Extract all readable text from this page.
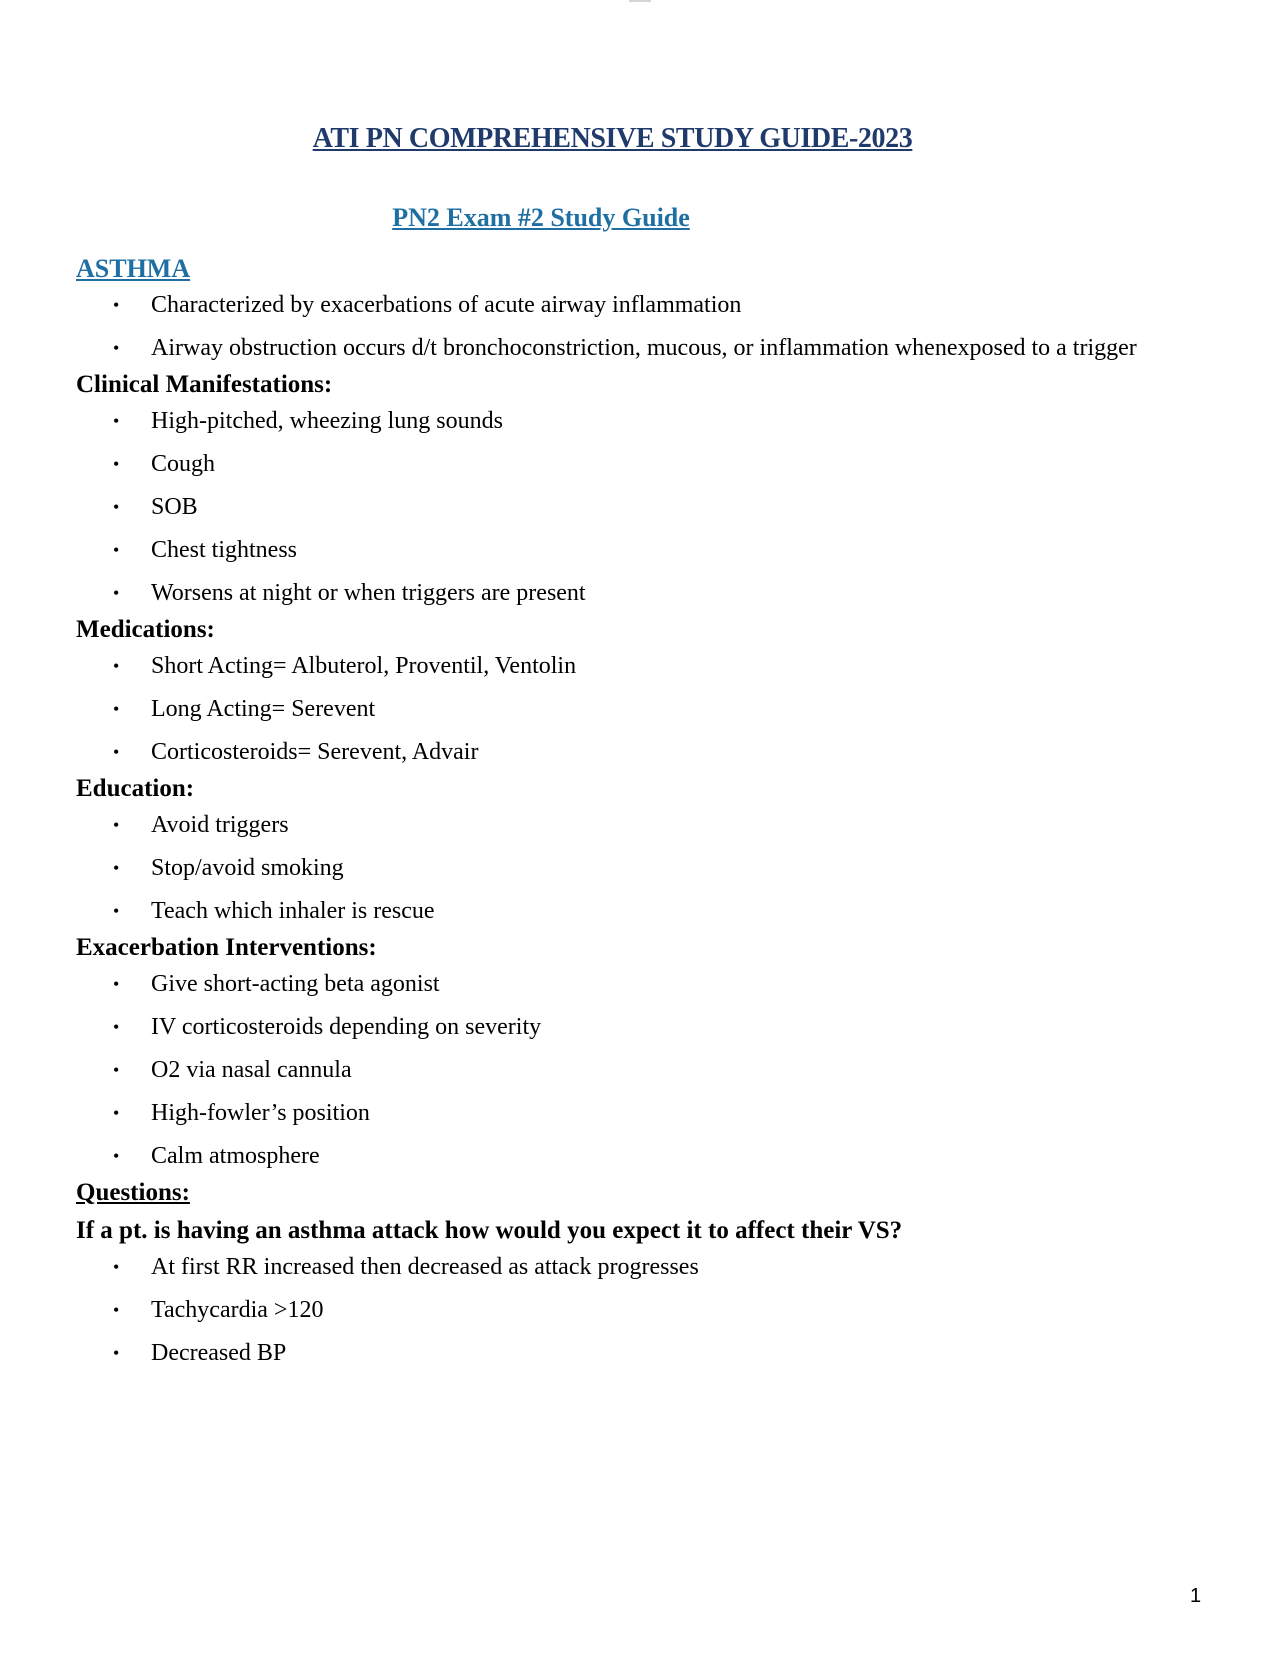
ATI PN COMPREHENSIVE STUDY GUIDE-2023
PN2 Exam #2 Study Guide
ASTHMA
• Characterized by exacerbations of acute airway inflammation
• Airway obstruction occurs d/t bronchoconstriction, mucous, or inflammation whenexposed to a trigger
Clinical Manifestations:
• High-pitched, wheezing lung sounds
• Cough
• SOB
• Chest tightness
• Worsens at night or when triggers are present
Medications:
• Short Acting= Albuterol, Proventil, Ventolin
• Long Acting= Serevent
• Corticosteroids= Serevent, Advair
Education:
• Avoid triggers
• Stop/avoid smoking
• Teach which inhaler is rescue
Exacerbation Interventions:
• Give short-acting beta agonist
• IV corticosteroids depending on severity
• O2 via nasal cannula
• High-fowler’s position
• Calm atmosphere
Questions:
If a pt. is having an asthma attack how would you expect it to affect their VS?
• At first RR increased then decreased as attack progresses
• Tachycardia >120
• Decreased BP
1
